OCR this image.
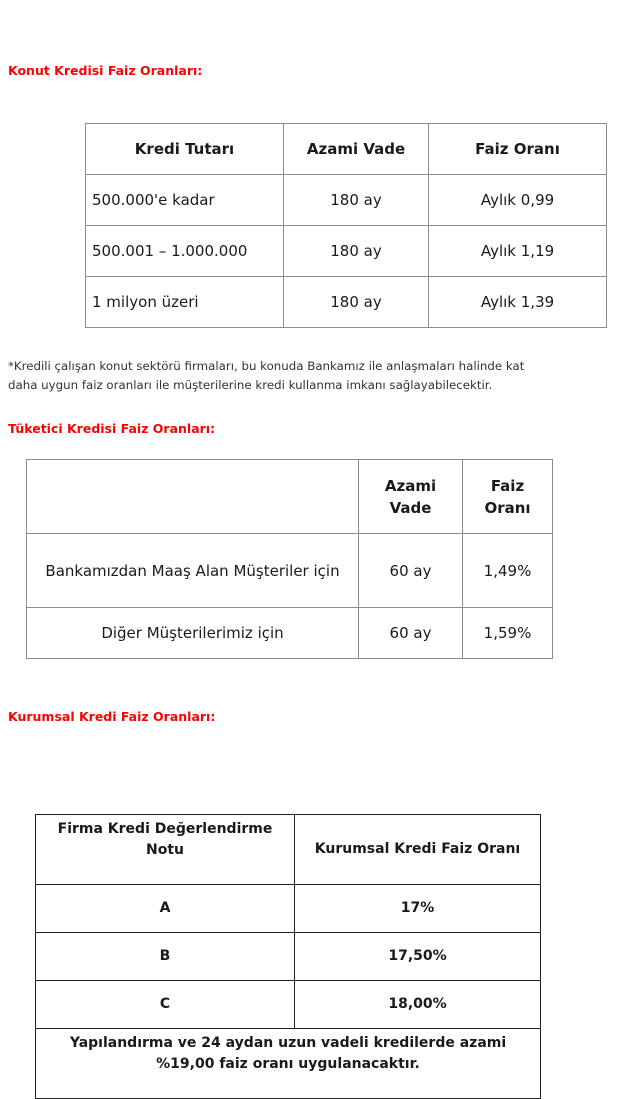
Konut Kredisi Faiz Oranları:
Kredi Tutarı	Azami Vade	Faiz Oranı
500.000'e kadar	180 ay	Aylık 0,99
500.001 – 1.000.000	180 ay	Aylık 1,19
1 milyon üzeri	180 ay	Aylık 1,39

*Kredili çalışan konut sektörü firmaları, bu konuda Bankamız ile anlaşmaları halinde kat
daha uygun faiz oranları ile müşterilerine kredi kullanma imkanı sağlayabilecektir.

Tüketici Kredisi Faiz Oranları:
	Azami Vade	Faiz Oranı
Bankamızdan Maaş Alan Müşteriler için	60 ay	1,49%
Diğer Müşterilerimiz için	60 ay	1,59%
Kurumsal Kredi Faiz Oranları:
Firma Kredi Değerlendirme Notu	Kurumsal Kredi Faiz Oranı
A	17%
B	17,50%
C	18,00%
Yapılandırma ve 24 aydan uzun vadeli kredilerde azami %19,00 faiz oranı uygulanacaktır.	
